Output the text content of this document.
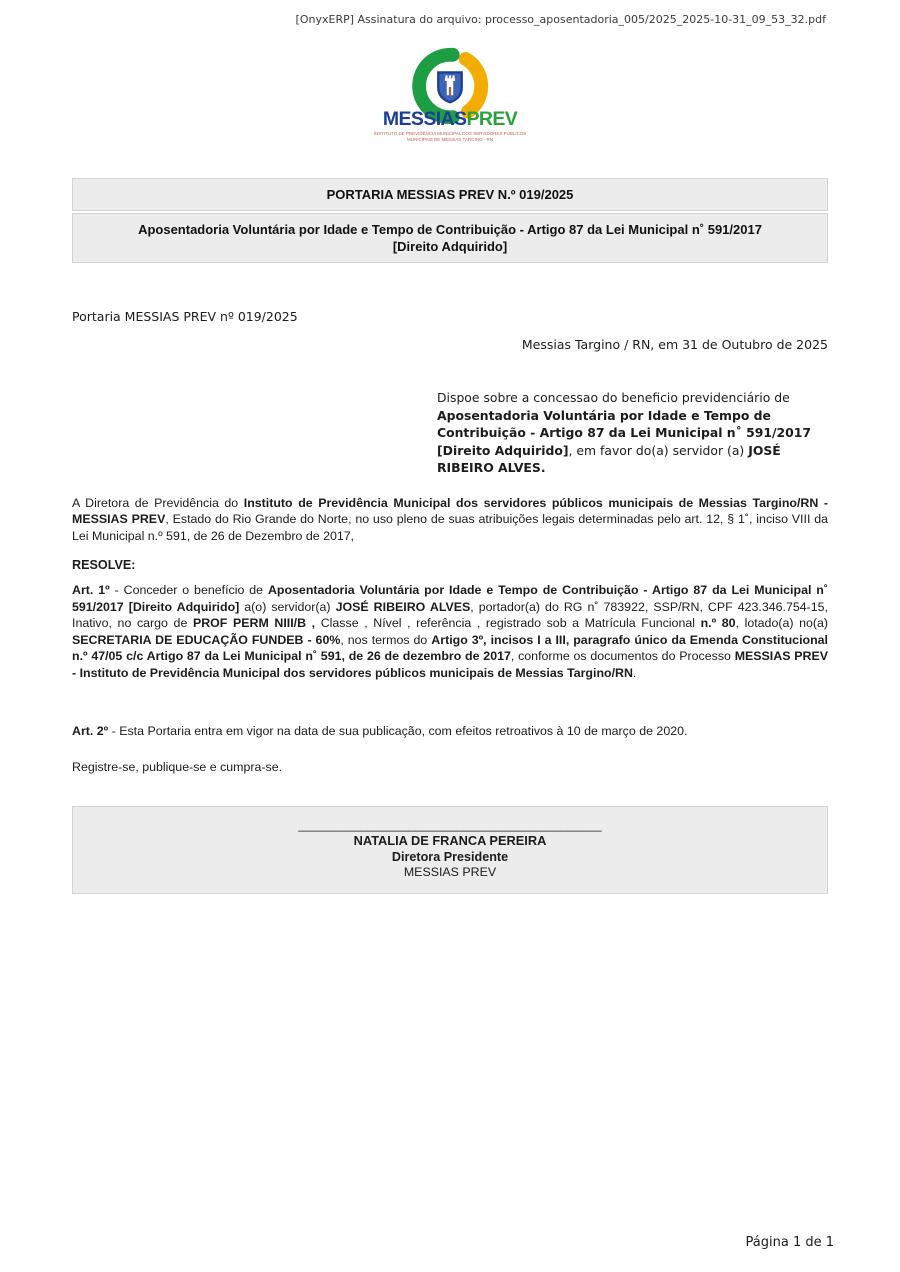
[OnyxERP] Assinatura do arquivo: processo_aposentadoria_005/2025_2025-10-31_09_53_32.pdf
MESSIASPREV
INSTITUTO DE PREVIDÊNCIA MUNICIPAL DOS SERVIDORES PÚBLICOS
MUNICIPAIS DE MESSIAS TARGINO - RN
PORTARIA MESSIAS PREV N.º 019/2025
Aposentadoria Voluntária por Idade e Tempo de Contribuição - Artigo 87 da Lei Municipal n˚ 591/2017 [Direito Adquirido]
Portaria MESSIAS PREV nº 019/2025
Messias Targino / RN, em 31 de Outubro de 2025
Dispoe sobre a concessao do beneficio previdenciário de Aposentadoria Voluntária por Idade e Tempo de Contribuição - Artigo 87 da Lei Municipal n˚ 591/2017 [Direito Adquirido], em favor do(a) servidor (a) JOSÉ RIBEIRO ALVES.
A Diretora de Previdência do Instituto de Previdência Municipal dos servidores públicos municipais de Messias Targino/RN - MESSIAS PREV, Estado do Rio Grande do Norte, no uso pleno de suas atribuições legais determinadas pelo art. 12, § 1˚, inciso VIII da Lei Municipal n.º 591, de 26 de Dezembro de 2017,
RESOLVE:
Art. 1º - Conceder o benefício de Aposentadoria Voluntária por Idade e Tempo de Contribuição - Artigo 87 da Lei Municipal n˚ 591/2017 [Direito Adquirido] a(o) servidor(a) JOSÉ RIBEIRO ALVES, portador(a) do RG n˚ 783922, SSP/RN, CPF 423.346.754-15, Inativo, no cargo de PROF PERM NIII/B , Classe , Nível , referência , registrado sob a Matrícula Funcional n.º 80, lotado(a) no(a) SECRETARIA DE EDUCAÇÃO FUNDEB - 60%, nos termos do Artigo 3º, incisos I a III, paragrafo único da Emenda Constitucional n.º 47/05 c/c Artigo 87 da Lei Municipal n˚ 591, de 26 de dezembro de 2017, conforme os documentos do Processo MESSIAS PREV - Instituto de Previdência Municipal dos servidores públicos municipais de Messias Targino/RN.
Art. 2º - Esta Portaria entra em vigor na data de sua publicação, com efeitos retroativos à 10 de março de 2020.
Registre-se, publique-se e cumpra-se.
____________________________________________
NATALIA DE FRANCA PEREIRA
Diretora Presidente
MESSIAS PREV
Página 1 de 1
